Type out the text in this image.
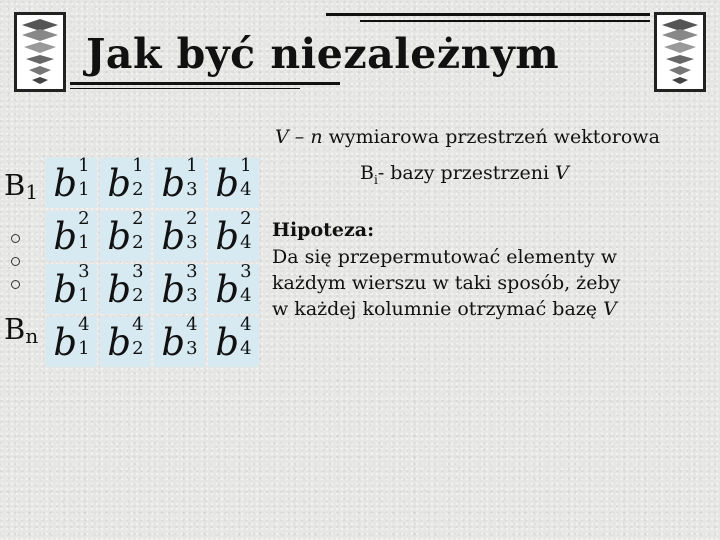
Jak być niezależnym
$B_1$
$B_n$
b 1
1 b 1
2 b 1
3 b 1
4
b 2
1 b 2
2 b 2
3 b 2
4
b 3
1 b 3
2 b 3
3 b 3
4
b 4
1 b 4
2 b 4
3 b 4
4
V – n wymiarowa przestrzeń wektorowa
$B_i-$ bazy przestrzeni V
Hipoteza:
Da się przepermutować elementy w
każdym wierszu w taki sposób, żeby
w każdej kolumnie otrzymać bazę V
